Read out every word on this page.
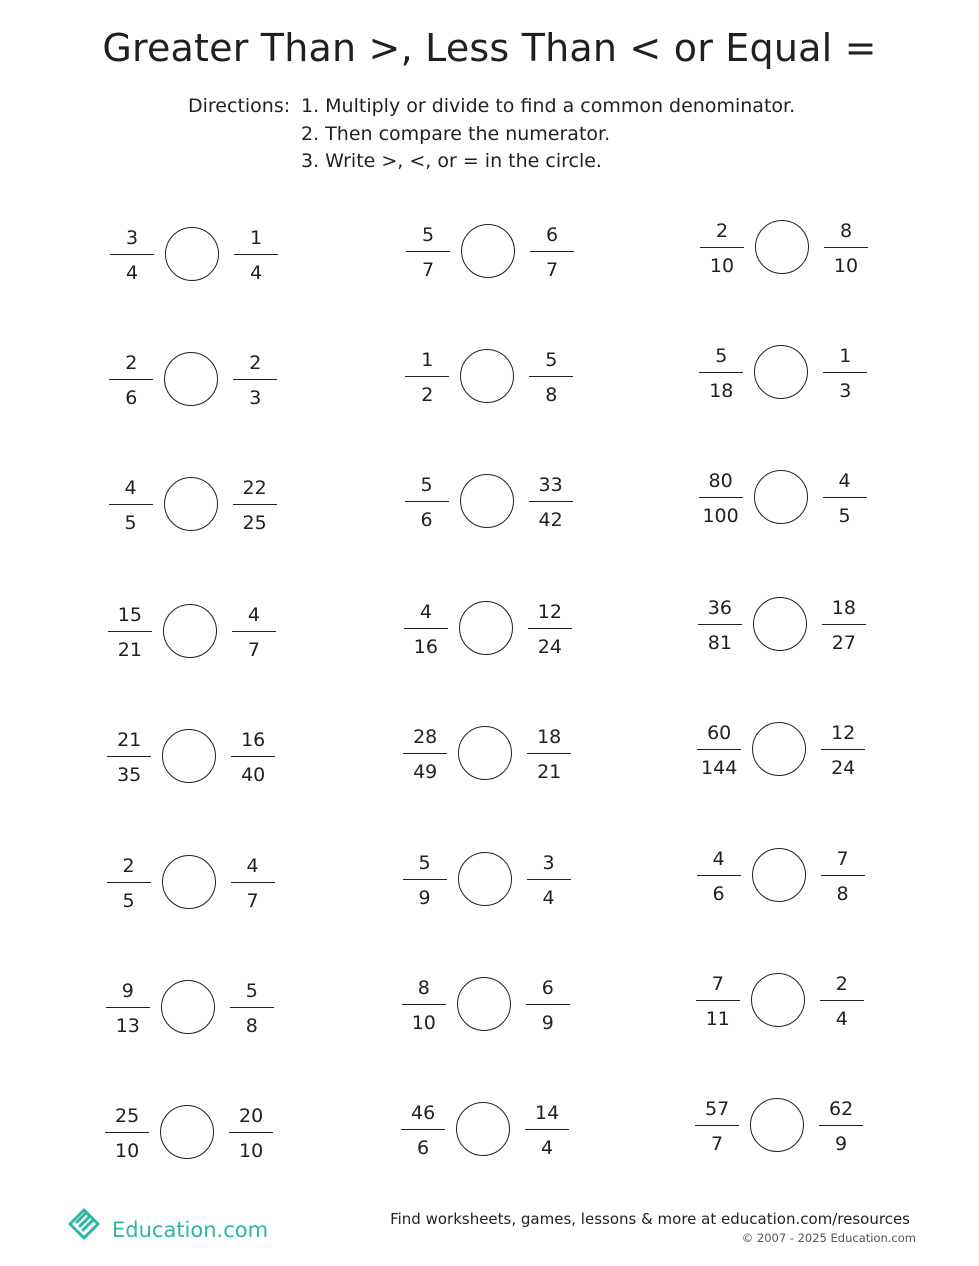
Greater Than >, Less Than < or Equal =
Directions: 1. Multiply or divide to find a common denominator.
2. Then compare the numerator.
3. Write >, <, or = in the circle.
3
4
1
4
5
7
6
7
2
10
8
10
2
6
2
3
1
2
5
8
5
18
1
3
4
5
22
25
5
6
33
42
80
100
4
5
15
21
4
7
4
16
12
24
36
81
18
27
21
35
16
40
28
49
18
21
60
144
12
24
2
5
4
7
5
9
3
4
4
6
7
8
9
13
5
8
8
10
6
9
7
11
2
4
25
10
20
10
46
6
14
4
57
7
62
9
Education.com	Find worksheets, games, lessons & more at education.com/resources
© 2007 - 2025 Education.com
